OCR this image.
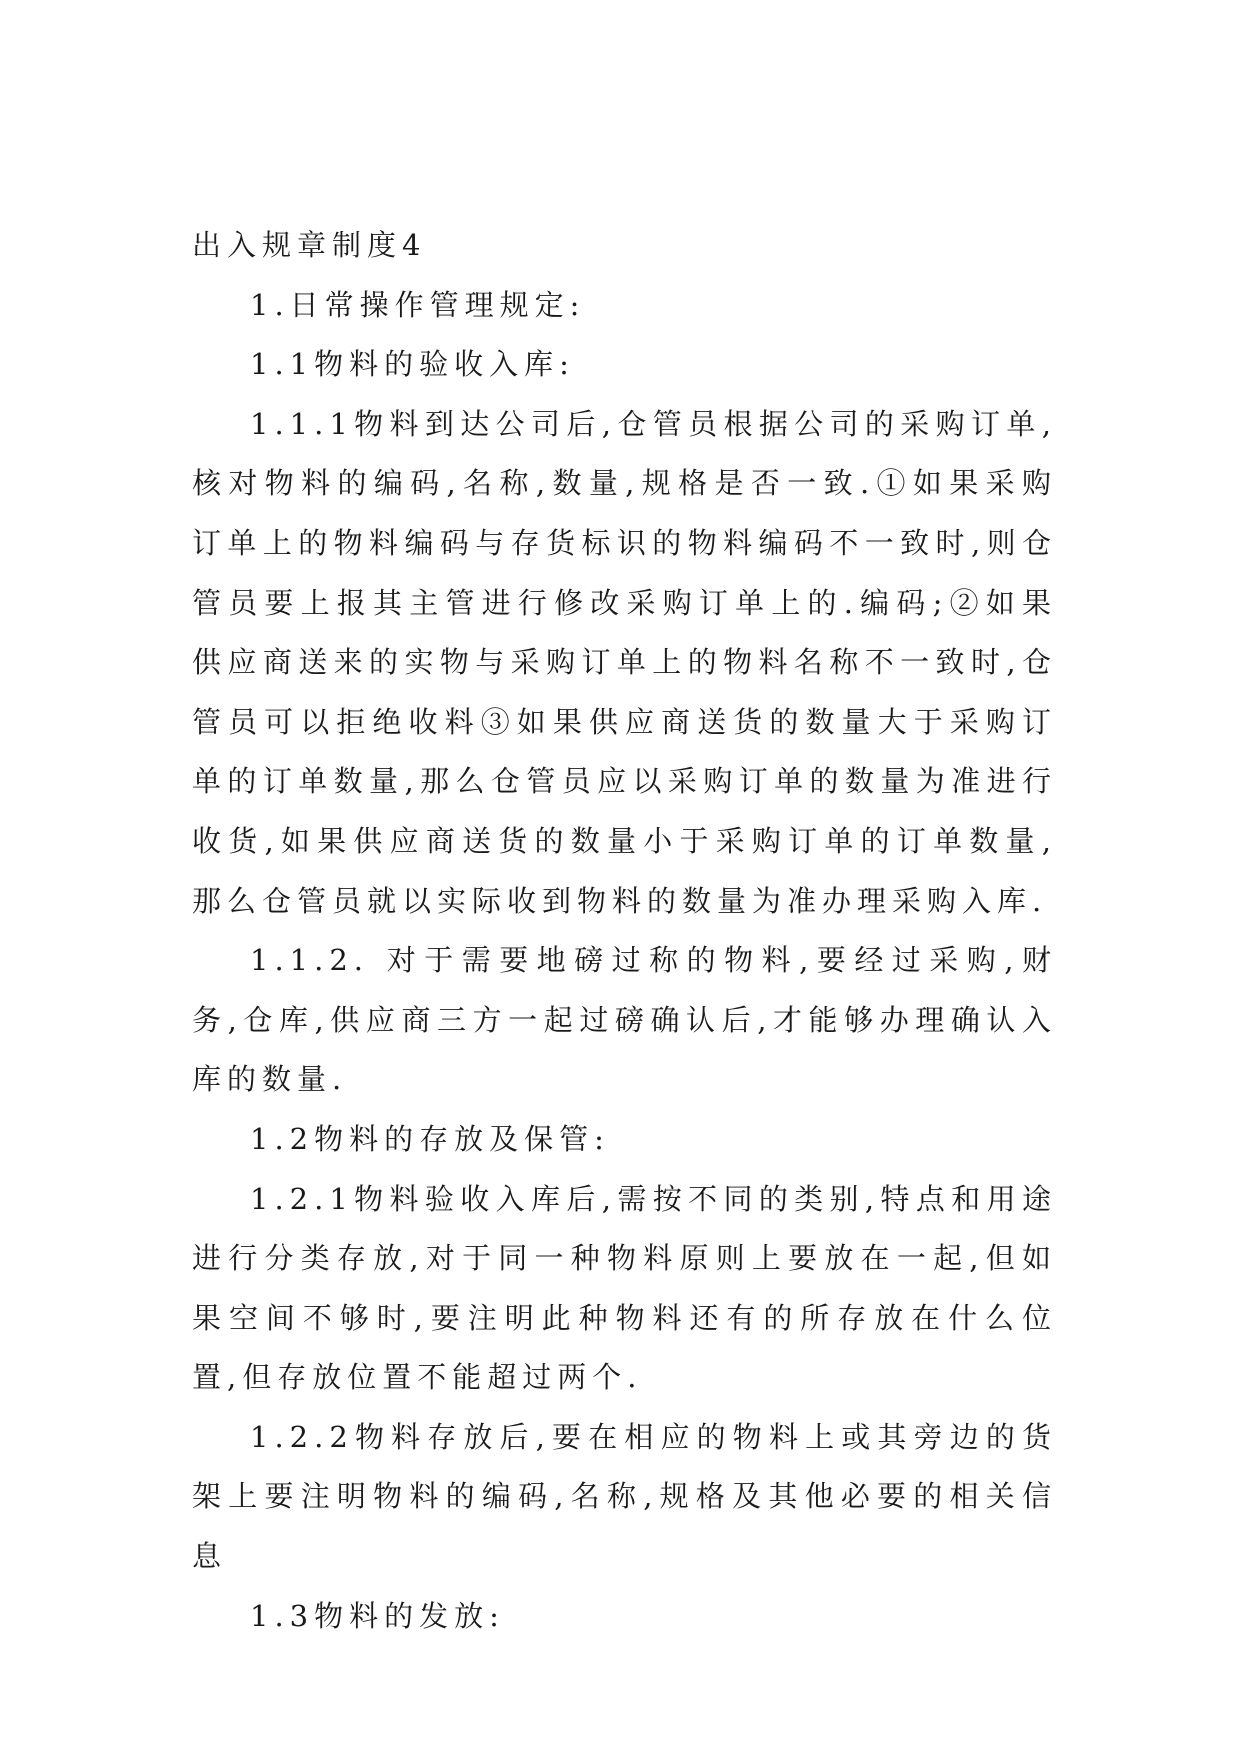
出入规章制度4

1.日常操作管理规定:

1.1物料的验收入库:

1.1.1物料到达公司后,仓管员根据公司的采购订单,核对物料的编码,名称,数量,规格是否一致.①如果采购订单上的物料编码与存货标识的物料编码不一致时,则仓管员要上报其主管进行修改采购订单上的.编码;②如果供应商送来的实物与采购订单上的物料名称不一致时,仓管员可以拒绝收料③如果供应商送货的数量大于采购订单的订单数量,那么仓管员应以采购订单的数量为准进行收货,如果供应商送货的数量小于采购订单的订单数量,那么仓管员就以实际收到物料的数量为准办理采购入库.

1.1.2. 对于需要地磅过称的物料,要经过采购,财务,仓库,供应商三方一起过磅确认后,才能够办理确认入库的数量.

1.2物料的存放及保管:

1.2.1物料验收入库后,需按不同的类别,特点和用途进行分类存放,对于同一种物料原则上要放在一起,但如果空间不够时,要注明此种物料还有的所存放在什么位置,但存放位置不能超过两个.

1.2.2物料存放后,要在相应的物料上或其旁边的货架上要注明物料的编码,名称,规格及其他必要的相关信息

1.3物料的发放:
